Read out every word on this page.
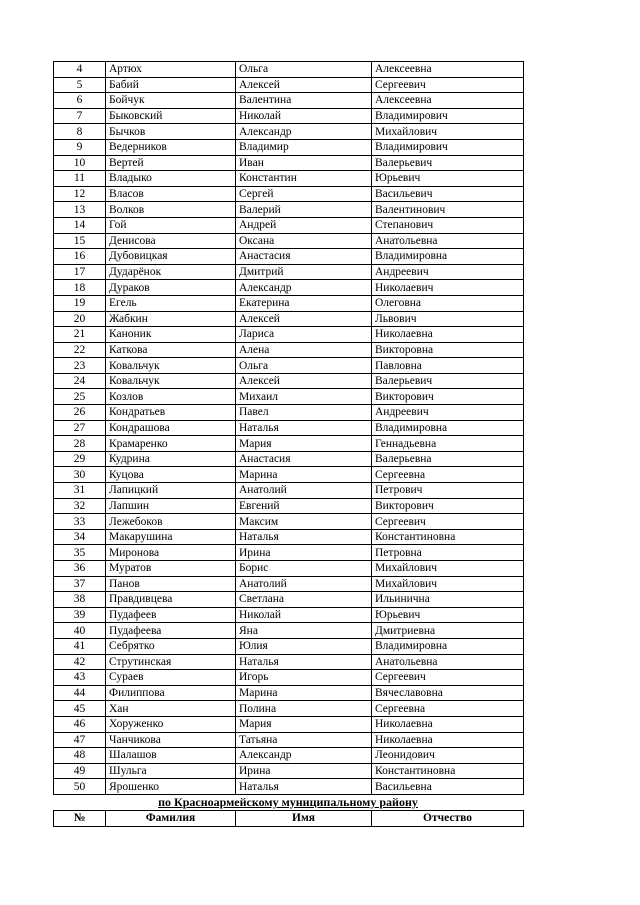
4	Артюх	Ольга	Алексеевна
5	Бабий	Алексей	Сергеевич
6	Бойчук	Валентина	Алексеевна
7	Быковский	Николай	Владимирович
8	Бычков	Александр	Михайлович
9	Ведерников	Владимир	Владимирович
10	Вертей	Иван	Валерьевич
11	Владыко	Константин	Юрьевич
12	Власов	Сергей	Васильевич
13	Волков	Валерий	Валентинович
14	Гой	Андрей	Степанович
15	Денисова	Оксана	Анатольевна
16	Дубовицкая	Анастасия	Владимировна
17	Дударёнок	Дмитрий	Андреевич
18	Дураков	Александр	Николаевич
19	Егель	Екатерина	Олеговна
20	Жабкин	Алексей	Львович
21	Каноник	Лариса	Николаевна
22	Каткова	Алена	Викторовна
23	Ковальчук	Ольга	Павловна
24	Ковальчук	Алексей	Валерьевич
25	Козлов	Михаил	Викторович
26	Кондратьев	Павел	Андреевич
27	Кондрашова	Наталья	Владимировна
28	Крамаренко	Мария	Геннадьевна
29	Кудрина	Анастасия	Валерьевна
30	Куцова	Марина	Сергеевна
31	Лапицкий	Анатолий	Петрович
32	Лапшин	Евгений	Викторович
33	Лежебоков	Максим	Сергеевич
34	Макарушина	Наталья	Константиновна
35	Миронова	Ирина	Петровна
36	Муратов	Борис	Михайлович
37	Панов	Анатолий	Михайлович
38	Правдивцева	Светлана	Ильинична
39	Пудафеев	Николай	Юрьевич
40	Пудафеева	Яна	Дмитриевна
41	Себрятко	Юлия	Владимировна
42	Струтинская	Наталья	Анатольевна
43	Сураев	Игорь	Сергеевич
44	Филиппова	Марина	Вячеславовна
45	Хан	Полина	Сергеевна
46	Хоруженко	Мария	Николаевна
47	Чанчикова	Татьяна	Николаевна
48	Шалашов	Александр	Леонидович
49	Шульга	Ирина	Константиновна
50	Ярошенко	Наталья	Васильевна
по Красноармейскому муниципальному району
№	Фамилия	Имя	Отчество
